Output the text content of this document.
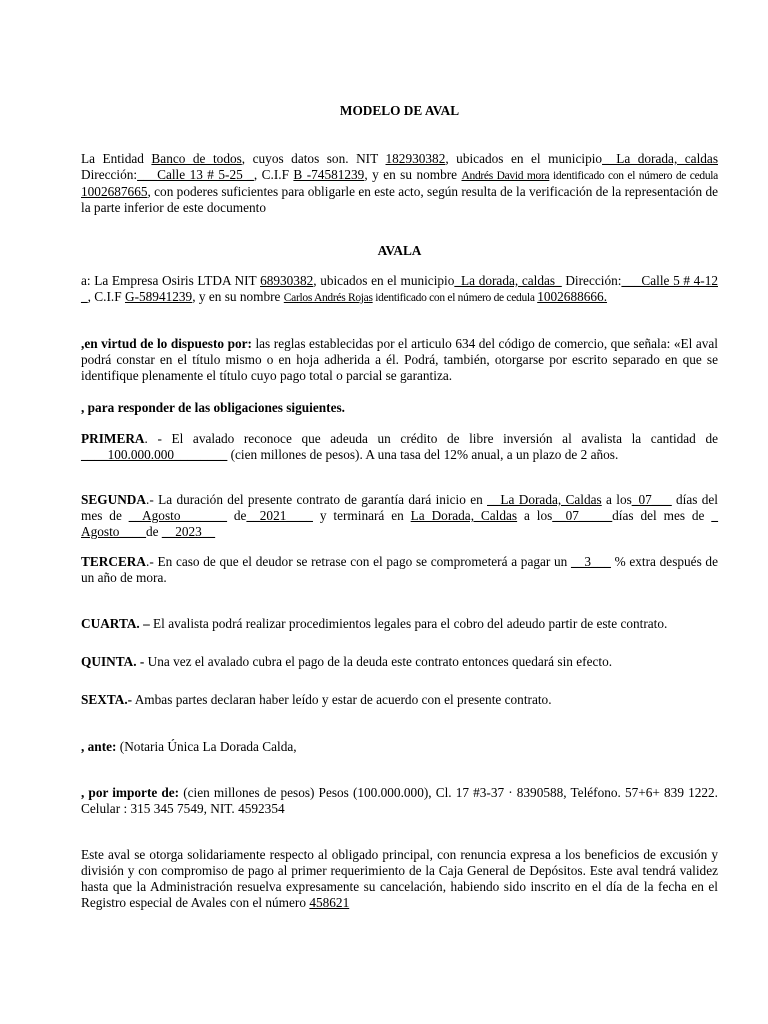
MODELO DE AVAL
La Entidad Banco de todos, cuyos datos son. NIT 182930382, ubicados en el municipio_ La dorada, caldas Dirección:___Calle 13 # 5-25 _, C.I.F B -74581239, y en su nombre Andrés David mora identificado con el número de cedula 1002687665, con poderes suficientes para obligarle en este acto, según resulta de la verificación de la representación de la parte inferior de este documento
AVALA
a: La Empresa Osiris LTDA NIT 68930382, ubicados en el municipio_La dorada, caldas_ Dirección:___Calle 5 # 4-12 _, C.I.F G-58941239, y en su nombre Carlos Andrés Rojas identificado con el número de cedula 1002688666.
,en virtud de lo dispuesto por: las reglas establecidas por el articulo 634 del código de comercio, que señala: «El aval podrá constar en el título mismo o en hoja adherida a él. Podrá, también, otorgarse por escrito separado en que se identifique plenamente el título cuyo pago total o parcial se garantiza.
, para responder de las obligaciones siguientes.
PRIMERA. - El avalado reconoce que adeuda un crédito de libre inversión al avalista la cantidad de ____100.000.000________ (cien millones de pesos). A una tasa del 12% anual, a un plazo de 2 años.
SEGUNDA.- La duración del presente contrato de garantía dará inicio en __La Dorada, Caldas a los_07___ días del mes de __Agosto_______ de__2021____ y terminará en La Dorada, Caldas a los__07_____días del mes de _ Agosto____de __2023__
TERCERA.- En caso de que el deudor se retrase con el pago se comprometerá a pagar un __3___ % extra después de un año de mora.
CUARTA. – El avalista podrá realizar procedimientos legales para el cobro del adeudo partir de este contrato.
QUINTA. - Una vez el avalado cubra el pago de la deuda este contrato entonces quedará sin efecto.
SEXTA.- Ambas partes declaran haber leído y estar de acuerdo con el presente contrato.
, ante: (Notaria Única La Dorada Calda,
, por importe de: (cien millones de pesos) Pesos (100.000.000), Cl. 17 #3-37 · 8390588, Teléfono. 57+6+ 839 1222. Celular : 315 345 7549, NIT. 4592354
Este aval se otorga solidariamente respecto al obligado principal, con renuncia expresa a los beneficios de excusión y división y con compromiso de pago al primer requerimiento de la Caja General de Depósitos. Este aval tendrá validez hasta que la Administración resuelva expresamente su cancelación, habiendo sido inscrito en el día de la fecha en el Registro especial de Avales con el número 458621
